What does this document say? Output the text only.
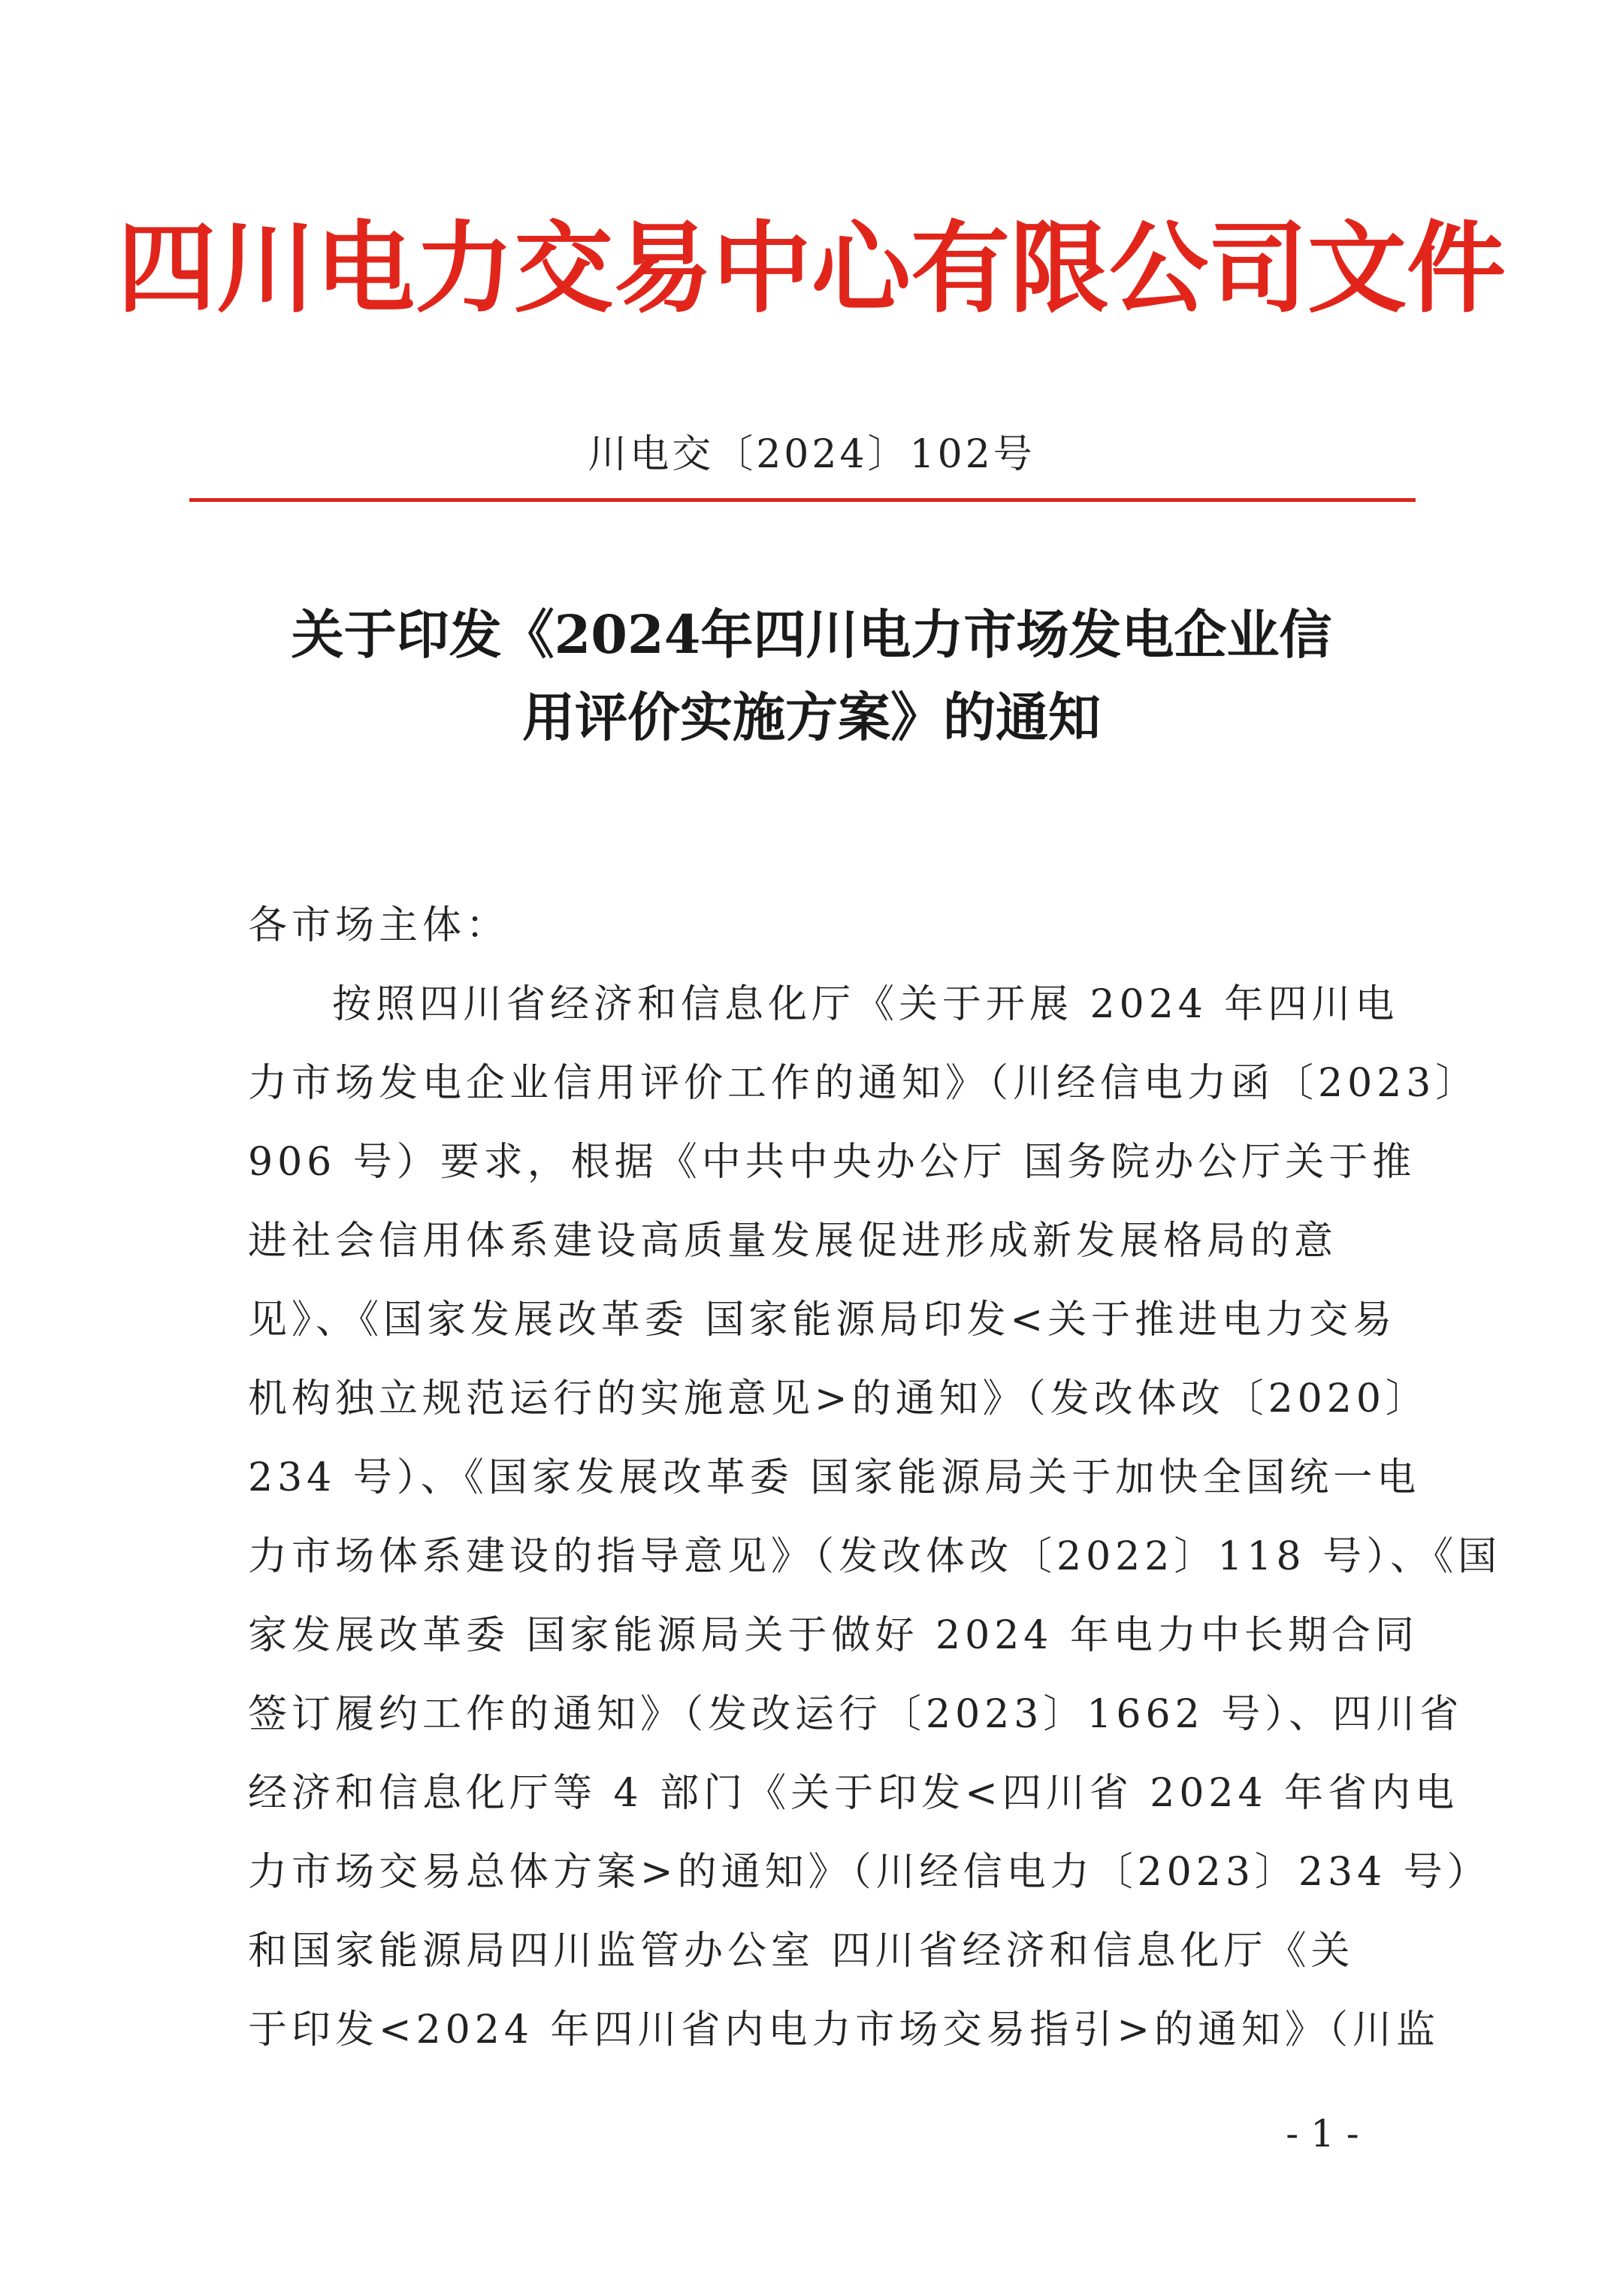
四川电力交易中心有限公司文件
川电交〔2024〕102号
关于印发《2024年四川电力市场发电企业信
用评价实施方案》的通知
各市场主体：
按照四川省经济和信息化厅《关于开展 2024 年四川电
力市场发电企业信用评价工作的通知》（川经信电力函〔2023〕
906 号）要求，根据《中共中央办公厅 国务院办公厅关于推
进社会信用体系建设高质量发展促进形成新发展格局的意
见》、《国家发展改革委 国家能源局印发<关于推进电力交易
机构独立规范运行的实施意见>的通知》（发改体改〔2020〕
234 号）、《国家发展改革委 国家能源局关于加快全国统一电
力市场体系建设的指导意见》（发改体改〔2022〕118 号）、《国
家发展改革委 国家能源局关于做好 2024 年电力中长期合同
签订履约工作的通知》（发改运行〔2023〕1662 号）、四川省
经济和信息化厅等 4 部门《关于印发<四川省 2024 年省内电
力市场交易总体方案>的通知》（川经信电力〔2023〕234 号）
和国家能源局四川监管办公室 四川省经济和信息化厅《关
于印发<2024 年四川省内电力市场交易指引>的通知》（川监
- 1 -
